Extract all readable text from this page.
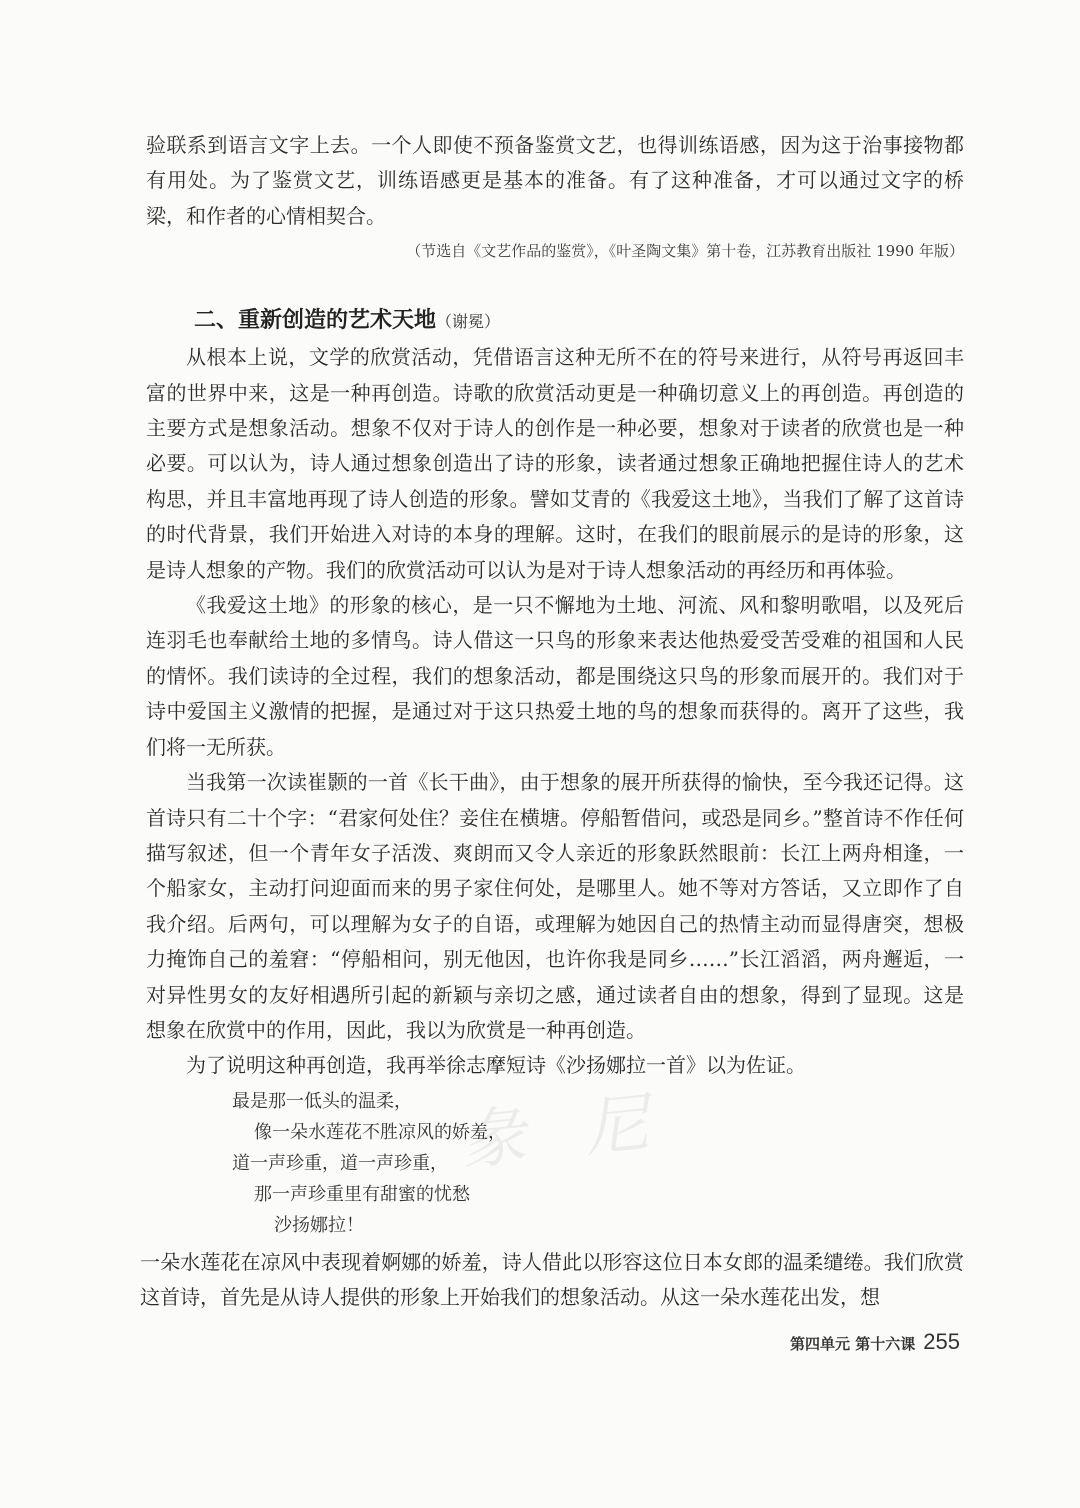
彖 尼

验联系到语言文字上去。一个人即使不预备鉴赏文艺，也得训练语感，因为这于治事接物都有用处。为了鉴赏文艺，训练语感更是基本的准备。有了这种准备，才可以通过文字的桥梁，和作者的心情相契合。

（节选自《文艺作品的鉴赏》，《叶圣陶文集》第十卷，江苏教育出版社 1990 年版）

二、重新创造的艺术天地（谢冕）

从根本上说，文学的欣赏活动，凭借语言这种无所不在的符号来进行，从符号再返回丰富的世界中来，这是一种再创造。诗歌的欣赏活动更是一种确切意义上的再创造。再创造的主要方式是想象活动。想象不仅对于诗人的创作是一种必要，想象对于读者的欣赏也是一种必要。可以认为，诗人通过想象创造出了诗的形象，读者通过想象正确地把握住诗人的艺术构思，并且丰富地再现了诗人创造的形象。譬如艾青的《我爱这土地》，当我们了解了这首诗的时代背景，我们开始进入对诗的本身的理解。这时，在我们的眼前展示的是诗的形象，这是诗人想象的产物。我们的欣赏活动可以认为是对于诗人想象活动的再经历和再体验。

《我爱这土地》的形象的核心，是一只不懈地为土地、河流、风和黎明歌唱，以及死后连羽毛也奉献给土地的多情鸟。诗人借这一只鸟的形象来表达他热爱受苦受难的祖国和人民的情怀。我们读诗的全过程，我们的想象活动，都是围绕这只鸟的形象而展开的。我们对于诗中爱国主义激情的把握，是通过对于这只热爱土地的鸟的想象而获得的。离开了这些，我们将一无所获。

当我第一次读崔颢的一首《长干曲》，由于想象的展开所获得的愉快，至今我还记得。这首诗只有二十个字：“君家何处住？妾住在横塘。停船暂借问，或恐是同乡。”整首诗不作任何描写叙述，但一个青年女子活泼、爽朗而又令人亲近的形象跃然眼前：长江上两舟相逢，一个船家女，主动打问迎面而来的男子家住何处，是哪里人。她不等对方答话，又立即作了自我介绍。后两句，可以理解为女子的自语，或理解为她因自己的热情主动而显得唐突，想极力掩饰自己的羞窘：“停船相问，别无他因，也许你我是同乡……”长江滔滔，两舟邂逅，一对异性男女的友好相遇所引起的新颖与亲切之感，通过读者自由的想象，得到了显现。这是想象在欣赏中的作用，因此，我以为欣赏是一种再创造。

为了说明这种再创造，我再举徐志摩短诗《沙扬娜拉一首》以为佐证。

最是那一低头的温柔，
像一朵水莲花不胜凉风的娇羞，
道一声珍重，道一声珍重，
那一声珍重里有甜蜜的忧愁
沙扬娜拉！

一朵水莲花在凉风中表现着婀娜的娇羞，诗人借此以形容这位日本女郎的温柔缱绻。我们欣赏这首诗，首先是从诗人提供的形象上开始我们的想象活动。从这一朵水莲花出发，想

第四单元 第十六课 255
